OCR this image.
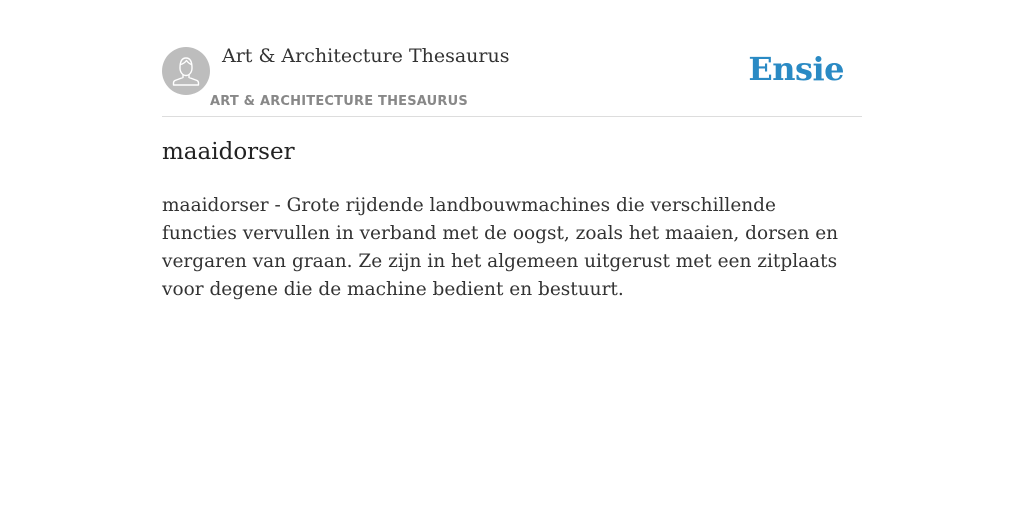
Art & Architecture Thesaurus
ART & ARCHITECTURE THESAURUS
Ensie
maaidorser

maaidorser - Grote rijdende landbouwmachines die verschillende functies vervullen in verband met de oogst, zoals het maaien, dorsen en vergaren van graan. Ze zijn in het algemeen uitgerust met een zitplaats voor degene die de machine bedient en bestuurt.
